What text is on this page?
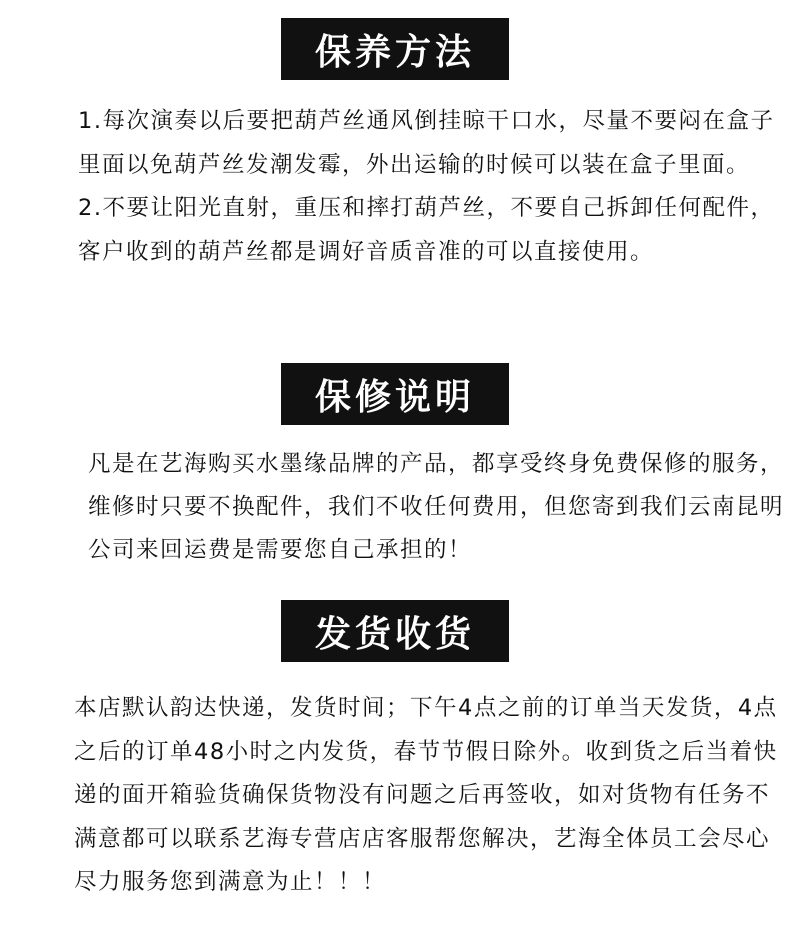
保养方法

1.每次演奏以后要把葫芦丝通风倒挂晾干口水，尽量不要闷在盒子里面以免葫芦丝发潮发霉，外出运输的时候可以装在盒子里面。

2.不要让阳光直射，重压和摔打葫芦丝，不要自己拆卸任何配件，客户收到的葫芦丝都是调好音质音准的可以直接使用。

保修说明

凡是在艺海购买水墨缘品牌的产品，都享受终身免费保修的服务，维修时只要不换配件，我们不收任何费用，但您寄到我们云南昆明公司来回运费是需要您自己承担的！

发货收货

本店默认韵达快递，发货时间；下午4点之前的订单当天发货，4点之后的订单48小时之内发货，春节节假日除外。收到货之后当着快递的面开箱验货确保货物没有问题之后再签收，如对货物有任务不满意都可以联系艺海专营店店客服帮您解决，艺海全体员工会尽心尽力服务您到满意为止！！！
